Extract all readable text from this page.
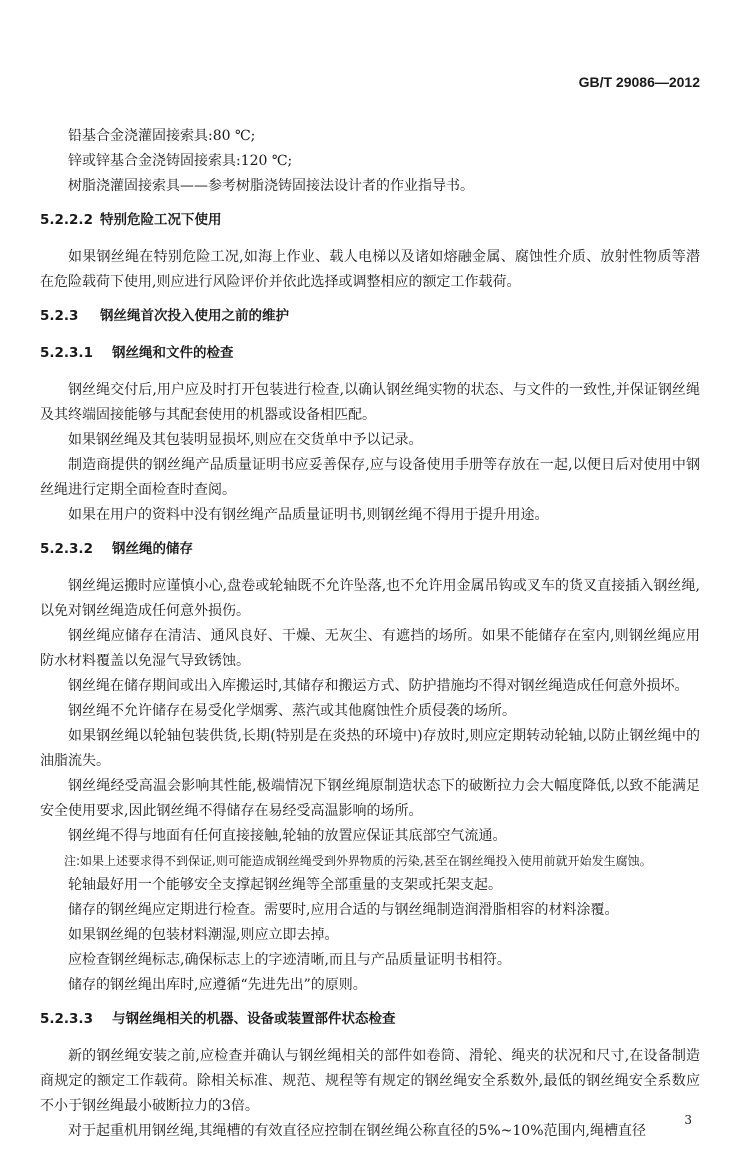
GB/T 29086—2012

铅基合金浇灌固接索具:80 ℃;

锌或锌基合金浇铸固接索具:120 ℃;

树脂浇灌固接索具——参考树脂浇铸固接法设计者的作业指导书。

5.2.2.2 特别危险工况下使用

如果钢丝绳在特别危险工况,如海上作业、载人电梯以及诸如熔融金属、腐蚀性介质、放射性物质等潜在危险载荷下使用,则应进行风险评价并依此选择或调整相应的额定工作载荷。

5.2.3 钢丝绳首次投入使用之前的维护
5.2.3.1 钢丝绳和文件的检查

钢丝绳交付后,用户应及时打开包装进行检查,以确认钢丝绳实物的状态、与文件的一致性,并保证钢丝绳及其终端固接能够与其配套使用的机器或设备相匹配。

如果钢丝绳及其包装明显损坏,则应在交货单中予以记录。

制造商提供的钢丝绳产品质量证明书应妥善保存,应与设备使用手册等存放在一起,以便日后对使用中钢丝绳进行定期全面检查时查阅。

如果在用户的资料中没有钢丝绳产品质量证明书,则钢丝绳不得用于提升用途。

5.2.3.2 钢丝绳的储存

钢丝绳运搬时应谨慎小心,盘卷或轮轴既不允许坠落,也不允许用金属吊钩或叉车的货叉直接插入钢丝绳,以免对钢丝绳造成任何意外损伤。

钢丝绳应储存在清洁、通风良好、干燥、无灰尘、有遮挡的场所。如果不能储存在室内,则钢丝绳应用防水材料覆盖以免湿气导致锈蚀。

钢丝绳在储存期间或出入库搬运时,其储存和搬运方式、防护措施均不得对钢丝绳造成任何意外损坏。

钢丝绳不允许储存在易受化学烟雾、蒸汽或其他腐蚀性介质侵袭的场所。

如果钢丝绳以轮轴包装供货,长期(特别是在炎热的环境中)存放时,则应定期转动轮轴,以防止钢丝绳中的油脂流失。

钢丝绳经受高温会影响其性能,极端情况下钢丝绳原制造状态下的破断拉力会大幅度降低,以致不能满足安全使用要求,因此钢丝绳不得储存在易经受高温影响的场所。

钢丝绳不得与地面有任何直接接触,轮轴的放置应保证其底部空气流通。

注:如果上述要求得不到保证,则可能造成钢丝绳受到外界物质的污染,甚至在钢丝绳投入使用前就开始发生腐蚀。

轮轴最好用一个能够安全支撑起钢丝绳等全部重量的支架或托架支起。

储存的钢丝绳应定期进行检查。需要时,应用合适的与钢丝绳制造润滑脂相容的材料涂覆。

如果钢丝绳的包装材料潮湿,则应立即去掉。

应检查钢丝绳标志,确保标志上的字迹清晰,而且与产品质量证明书相符。

储存的钢丝绳出库时,应遵循“先进先出”的原则。

5.2.3.3 与钢丝绳相关的机器、设备或装置部件状态检查

新的钢丝绳安装之前,应检查并确认与钢丝绳相关的部件如卷筒、滑轮、绳夹的状况和尺寸,在设备制造商规定的额定工作载荷。除相关标准、规范、规程等有规定的钢丝绳安全系数外,最低的钢丝绳安全系数应不小于钢丝绳最小破断拉力的3倍。

对于起重机用钢丝绳,其绳槽的有效直径应控制在钢丝绳公称直径的5%~10%范围内,绳槽直径

3
